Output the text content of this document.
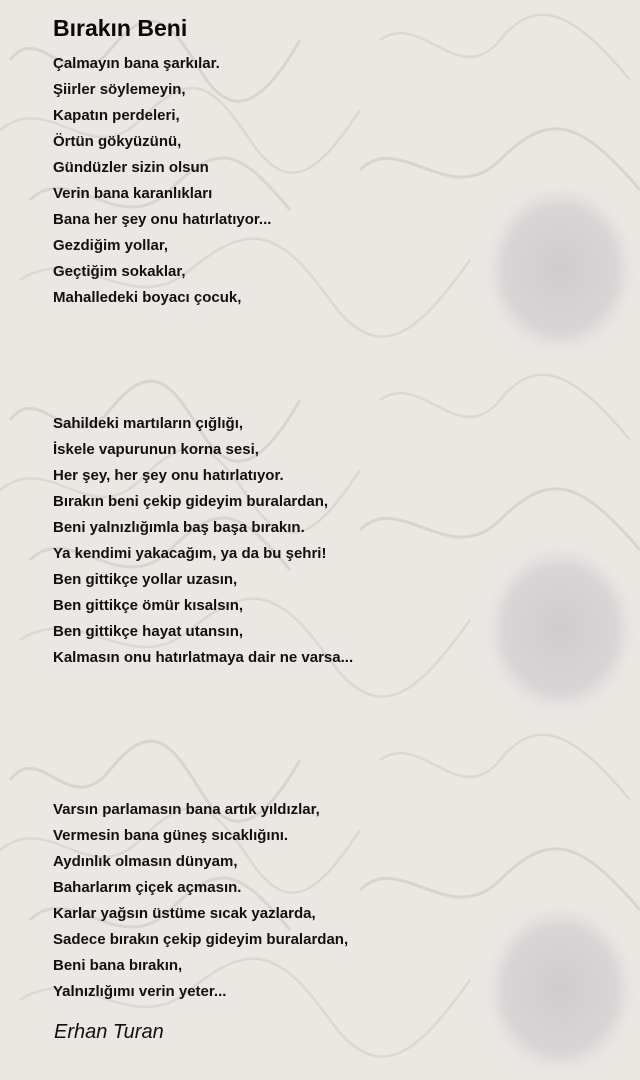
Bırakın Beni
Çalmayın bana şarkılar.
Şiirler söylemeyin,
Kapatın perdeleri,
Örtün gökyüzünü,
Gündüzler sizin olsun
Verin bana karanlıkları
Bana her şey onu hatırlatıyor...
Gezdiğim yollar,
Geçtiğim sokaklar,
Mahalledeki boyacı çocuk,
Sahildeki martıların çığlığı,
İskele vapurunun korna sesi,
Her şey, her şey onu hatırlatıyor.
Bırakın beni çekip gideyim buralardan,
Beni yalnızlığımla baş başa bırakın.
Ya kendimi yakacağım, ya da bu şehri!
Ben gittikçe yollar uzasın,
Ben gittikçe ömür kısalsın,
Ben gittikçe hayat utansın,
Kalmasın onu hatırlatmaya dair ne varsa...
Varsın parlamasın bana artık yıldızlar,
Vermesin bana güneş sıcaklığını.
Aydınlık olmasın dünyam,
Baharlarım çiçek açmasın.
Karlar yağsın üstüme sıcak yazlarda,
Sadece bırakın çekip gideyim buralardan,
Beni bana bırakın,
Yalnızlığımı verin yeter...
Erhan Turan
